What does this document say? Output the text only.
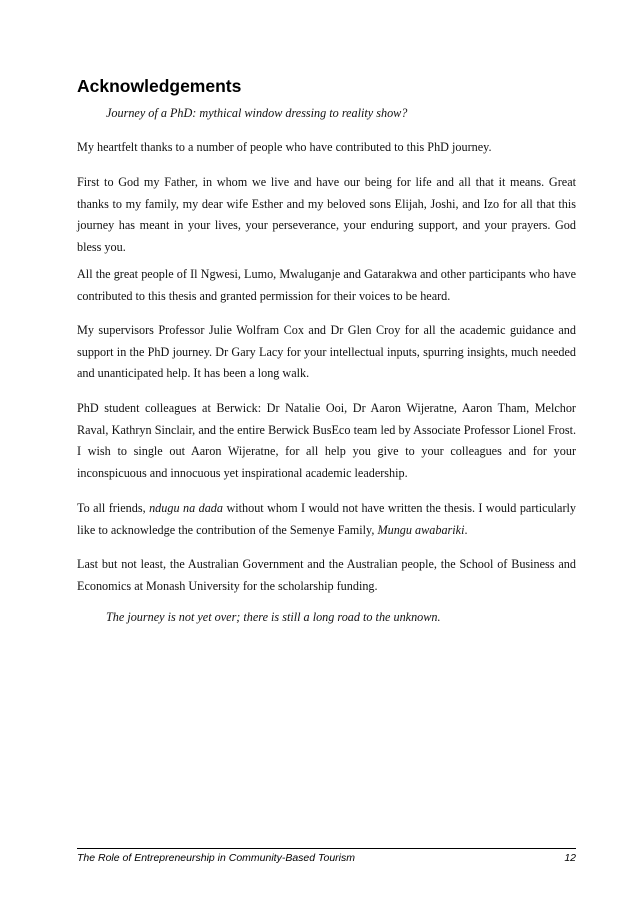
Acknowledgements

Journey of a PhD: mythical window dressing to reality show?

My heartfelt thanks to a number of people who have contributed to this PhD journey.

First to God my Father, in whom we live and have our being for life and all that it means. Great thanks to my family, my dear wife Esther and my beloved sons Elijah, Joshi, and Izo for all that this journey has meant in your lives, your perseverance, your enduring support, and your prayers. God bless you.

All the great people of Il Ngwesi, Lumo, Mwaluganje and Gatarakwa and other participants who have contributed to this thesis and granted permission for their voices to be heard.

My supervisors Professor Julie Wolfram Cox and Dr Glen Croy for all the academic guidance and support in the PhD journey. Dr Gary Lacy for your intellectual inputs, spurring insights, much needed and unanticipated help. It has been a long walk.

PhD student colleagues at Berwick: Dr Natalie Ooi, Dr Aaron Wijeratne, Aaron Tham, Melchor Raval, Kathryn Sinclair, and the entire Berwick BusEco team led by Associate Professor Lionel Frost. I wish to single out Aaron Wijeratne, for all help you give to your colleagues and for your inconspicuous and innocuous yet inspirational academic leadership.

To all friends, ndugu na dada without whom I would not have written the thesis. I would particularly like to acknowledge the contribution of the Semenye Family, Mungu awabariki.

Last but not least, the Australian Government and the Australian people, the School of Business and Economics at Monash University for the scholarship funding.

The journey is not yet over; there is still a long road to the unknown.

The Role of Entrepreneurship in Community-Based Tourism	12
